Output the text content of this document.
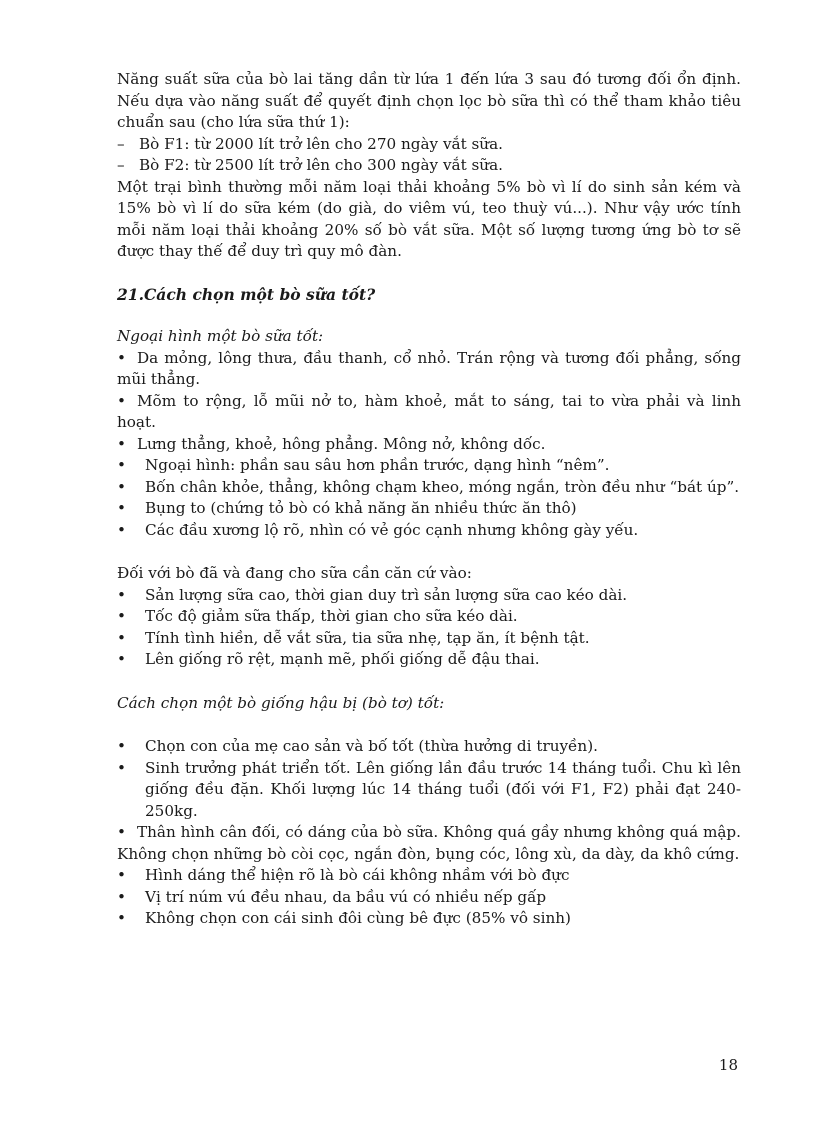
Năng suất sữa của bò lai tăng dần từ lứa 1 đến lứa 3 sau đó tương đối ổn định. Nếu dựa vào năng suất để quyết định chọn lọc bò sữa thì có thể tham khảo tiêu chuẩn sau (cho lứa sữa thứ 1):

– Bò F1: từ 2000 lít trở lên cho 270 ngày vắt sữa.
– Bò F2: từ 2500 lít trở lên cho 300 ngày vắt sữa.

Một trại bình thường mỗi năm loại thải khoảng 5% bò vì lí do sinh sản kém và 15% bò vì lí do sữa kém (do già, do viêm vú, teo thuỳ vú...). Như vậy ước tính mỗi năm loại thải khoảng 20% số bò vắt sữa. Một số lượng tương ứng bò tơ sẽ được thay thế để duy trì quy mô đàn.

21.Cách chọn một bò sữa tốt?

Ngoại hình một bò sữa tốt:

• Da mỏng, lông thưa, đầu thanh, cổ nhỏ. Trán rộng và tương đối phẳng, sống mũi thẳng.

• Mõm to rộng, lỗ mũi nở to, hàm khoẻ, mắt to sáng, tai to vừa phải và linh hoạt.

• Lưng thẳng, khoẻ, hông phẳng. Mông nở, không dốc.

•	Ngoại hình: phần sau sâu hơn phần trước, dạng hình “nêm”.
•	Bốn chân khỏe, thẳng, không chạm kheo, móng ngắn, tròn đều như “bát úp”.
•	Bụng to (chứng tỏ bò có khả năng ăn nhiều thức ăn thô)
•	Các đầu xương lộ rõ, nhìn có vẻ góc cạnh nhưng không gày yếu.

Đối với bò đã và đang cho sữa cần căn cứ vào:

•	Sản lượng sữa cao, thời gian duy trì sản lượng sữa cao kéo dài.
•	Tốc độ giảm sữa thấp, thời gian cho sữa kéo dài.
•	Tính tình hiền, dễ vắt sữa, tia sữa nhẹ, tạp ăn, ít bệnh tật.
•	Lên giống rõ rệt, mạnh mẽ, phối giống dễ đậu thai.

Cách chọn một bò giống hậu bị (bò tơ) tốt:

•	Chọn con của mẹ cao sản và bố tốt (thừa hưởng di truyền).
•	Sinh trưởng phát triển tốt. Lên giống lần đầu trước 14 tháng tuổi. Chu kì lên giống đều đặn. Khối lượng lúc 14 tháng tuổi (đối với F1, F2) phải đạt 240-250kg.

• Thân hình cân đối, có dáng của bò sữa. Không quá gầy nhưng không quá mập. Không chọn những bò còi cọc, ngắn đòn, bụng cóc, lông xù, da dày, da khô cứng.

•	Hình dáng thể hiện rõ là bò cái không nhầm với bò đực
•	Vị trí núm vú đều nhau, da bầu vú có nhiều nếp gấp
•	Không chọn con cái sinh đôi cùng bê đực (85% vô sinh)
18
